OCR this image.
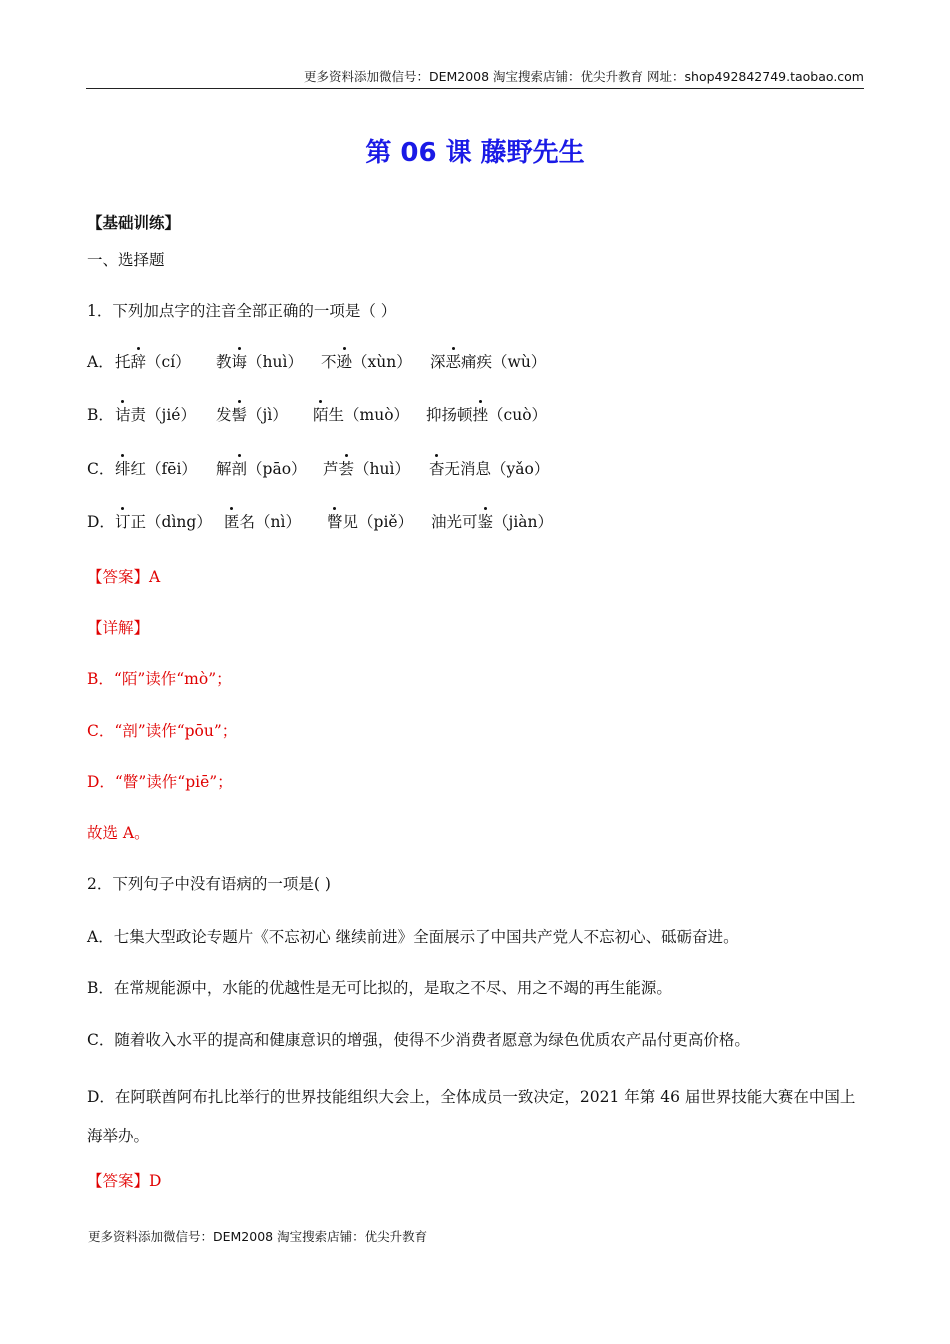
更多资料添加微信号：DEM2008 淘宝搜索店铺：优尖升教育 网址：shop492842749.taobao.com
第 06 课 藤野先生
【基础训练】
一、选择题
1．下列加点字的注音全部正确的一项是（ ）
A．托辞（cí） 教诲（huì） 不逊（xùn） 深恶痛疾（wù）
B．诘责（jié） 发髻（jì） 陌生（muò） 抑扬顿挫（cuò）
C．绯红（fēi） 解剖（pāo） 芦荟（huì） 杳无消息（yǎo）
D．订正（dìng） 匿名（nì） 瞥见（piě） 油光可鉴（jiàn）
【答案】A
【详解】
B．“陌”读作“mò”；
C．“剖”读作“pōu”；
D．“瞥”读作“piē”；
故选 A。
2．下列句子中没有语病的一项是( )
A．七集大型政论专题片《不忘初心 继续前进》全面展示了中国共产党人不忘初心、砥砺奋进。
B．在常规能源中，水能的优越性是无可比拟的，是取之不尽、用之不竭的再生能源。
C．随着收入水平的提高和健康意识的增强，使得不少消费者愿意为绿色优质农产品付更高价格。
D．在阿联酋阿布扎比举行的世界技能组织大会上，全体成员一致决定，2021 年第 46 届世界技能大赛在中国上海举办。
【答案】D
更多资料添加微信号：DEM2008 淘宝搜索店铺：优尖升教育
